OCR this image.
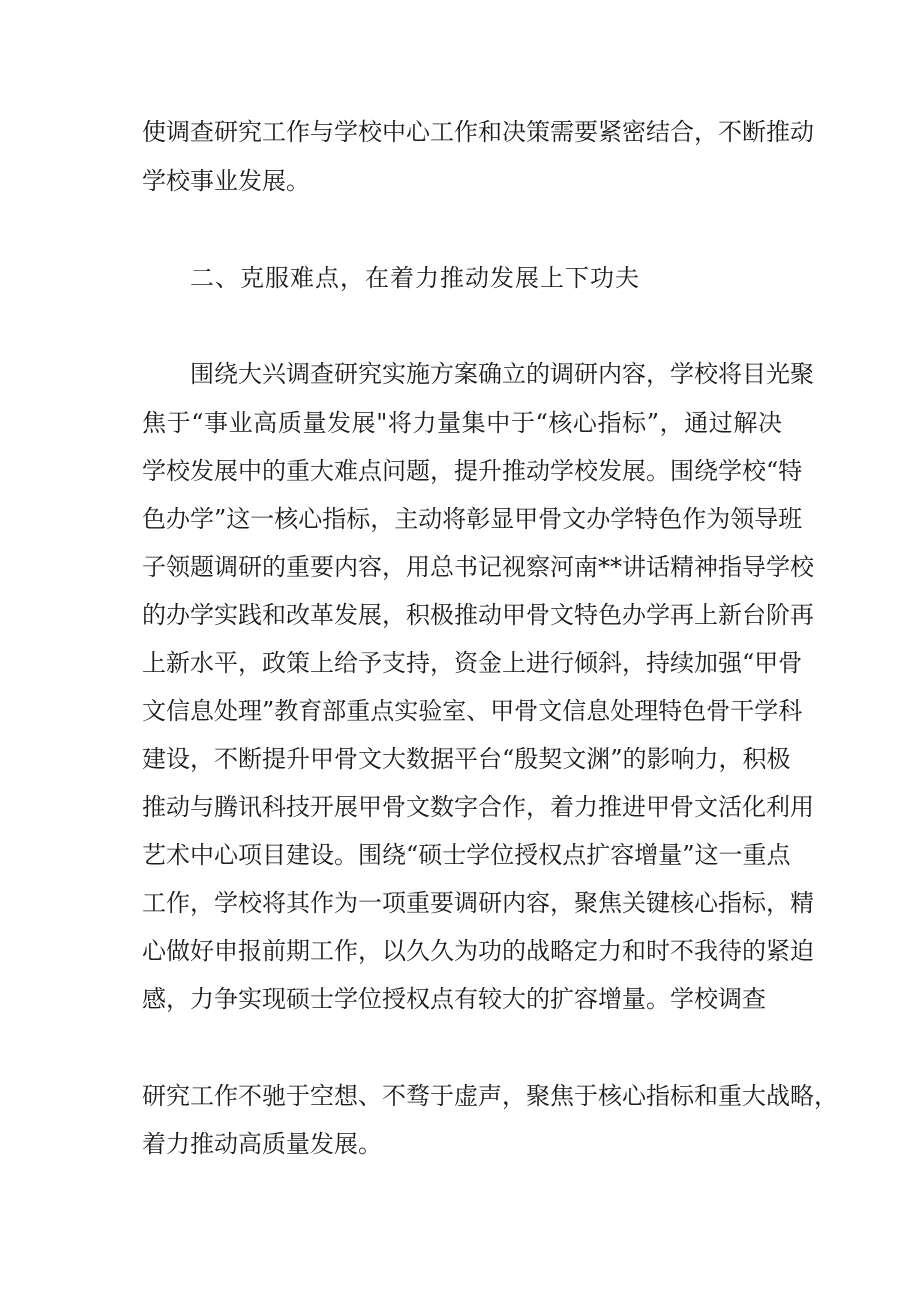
使调查研究工作与学校中心工作和决策需要紧密结合，不断推动
学校事业发展。
二、克服难点，在着力推动发展上下功夫
围绕大兴调查研究实施方案确立的调研内容，学校将目光聚
焦于“事业高质量发展"将力量集中于“核心指标”，通过解决
学校发展中的重大难点问题，提升推动学校发展。围绕学校“特
色办学”这一核心指标，主动将彰显甲骨文办学特色作为领导班
子领题调研的重要内容，用总书记视察河南**讲话精神指导学校
的办学实践和改革发展，积极推动甲骨文特色办学再上新台阶再
上新水平，政策上给予支持，资金上进行倾斜，持续加强“甲骨
文信息处理”教育部重点实验室、甲骨文信息处理特色骨干学科
建设，不断提升甲骨文大数据平台“殷契文渊”的影响力，积极
推动与腾讯科技开展甲骨文数字合作，着力推进甲骨文活化利用
艺术中心项目建设。围绕“硕士学位授权点扩容增量”这一重点
工作，学校将其作为一项重要调研内容，聚焦关键核心指标，精
心做好申报前期工作，以久久为功的战略定力和时不我待的紧迫
感，力争实现硕士学位授权点有较大的扩容增量。学校调查
研究工作不驰于空想、不骛于虚声，聚焦于核心指标和重大战略，
着力推动高质量发展。
